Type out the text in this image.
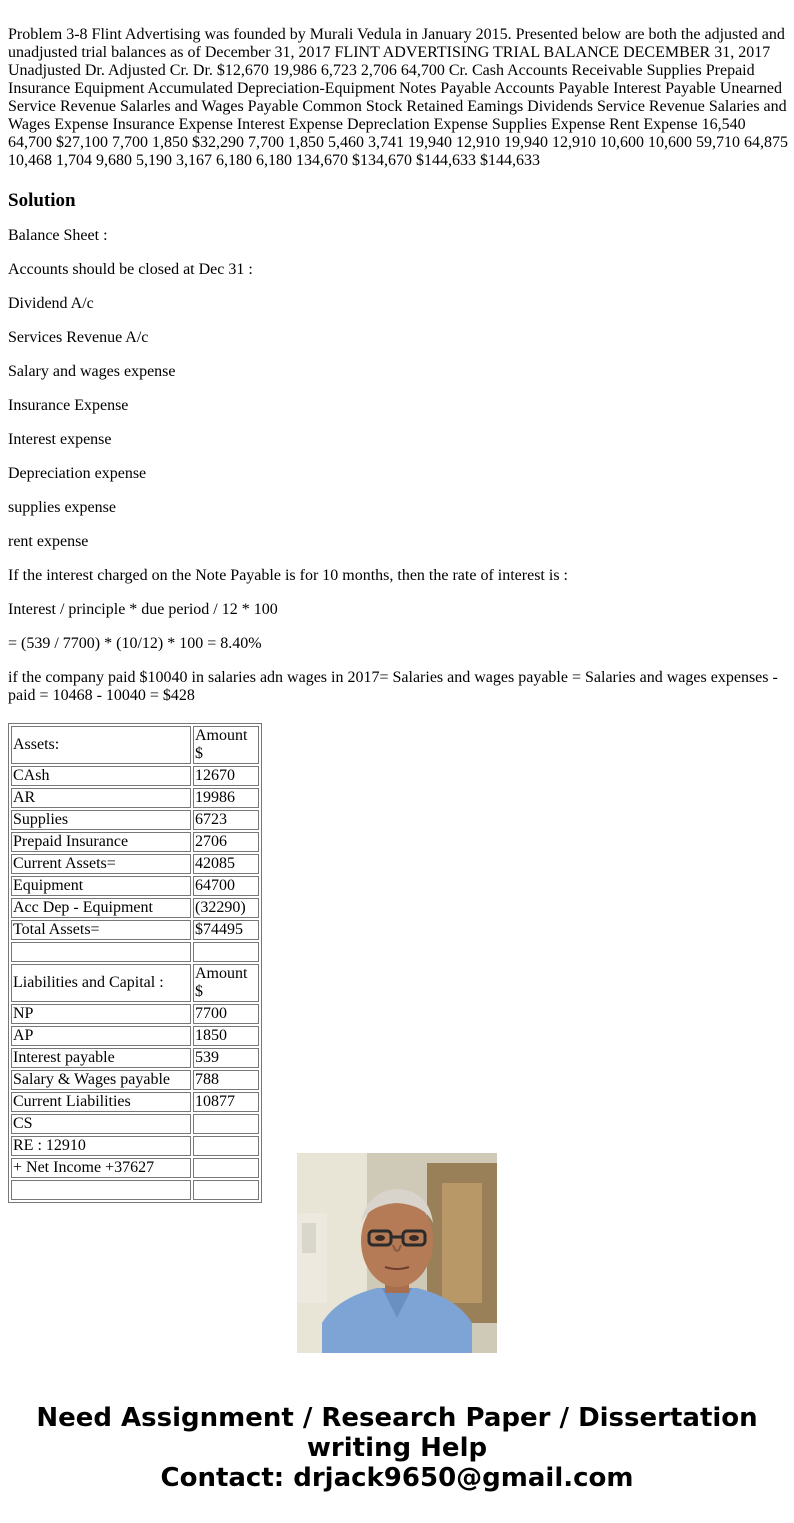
Problem 3-8 Flint Advertising was founded by Murali Vedula in January 2015. Presented below are both the adjusted and unadjusted trial balances as of December 31, 2017 FLINT ADVERTISING TRIAL BALANCE DECEMBER 31, 2017 Unadjusted Dr. Adjusted Cr. Dr. $12,670 19,986 6,723 2,706 64,700 Cr. Cash Accounts Receivable Supplies Prepaid Insurance Equipment Accumulated Depreciation-Equipment Notes Payable Accounts Payable Interest Payable Unearned Service Revenue Salarles and Wages Payable Common Stock Retained Eamings Dividends Service Revenue Salaries and Wages Expense Insurance Expense Interest Expense Depreclation Expense Supplies Expense Rent Expense 16,540 64,700 $27,100 7,700 1,850 $32,290 7,700 1,850 5,460 3,741 19,940 12,910 19,940 12,910 10,600 10,600 59,710 64,875 10,468 1,704 9,680 5,190 3,167 6,180 6,180 134,670 $134,670 $144,633 $144,633

Solution

Balance Sheet :

Accounts should be closed at Dec 31 :

Dividend A/c

Services Revenue A/c

Salary and wages expense

Insurance Expense

Interest expense

Depreciation expense

supplies expense

rent expense

If the interest charged on the Note Payable is for 10 months, then the rate of interest is :

Interest / principle * due period / 12 * 100

= (539 / 7700) * (10/12) * 100 = 8.40%

if the company paid $10040 in salaries adn wages in 2017= Salaries and wages payable = Salaries and wages expenses - paid = 10468 - 10040 = $428

Assets:	Amount $
CAsh	12670
AR	19986
Supplies	6723
Prepaid Insurance	2706
Current Assets=	42085
Equipment	64700
Acc Dep - Equipment	(32290)
Total Assets=	$74495

Liabilities and Capital :	Amount $
NP	7700
AP	1850
Interest payable	539
Salary & Wages payable	788
Current Liabilities	10877
CS	
RE : 12910	
+ Net Income +37627	

Need Assignment / Research Paper / Dissertation
writing Help
Contact: drjack9650@gmail.com
